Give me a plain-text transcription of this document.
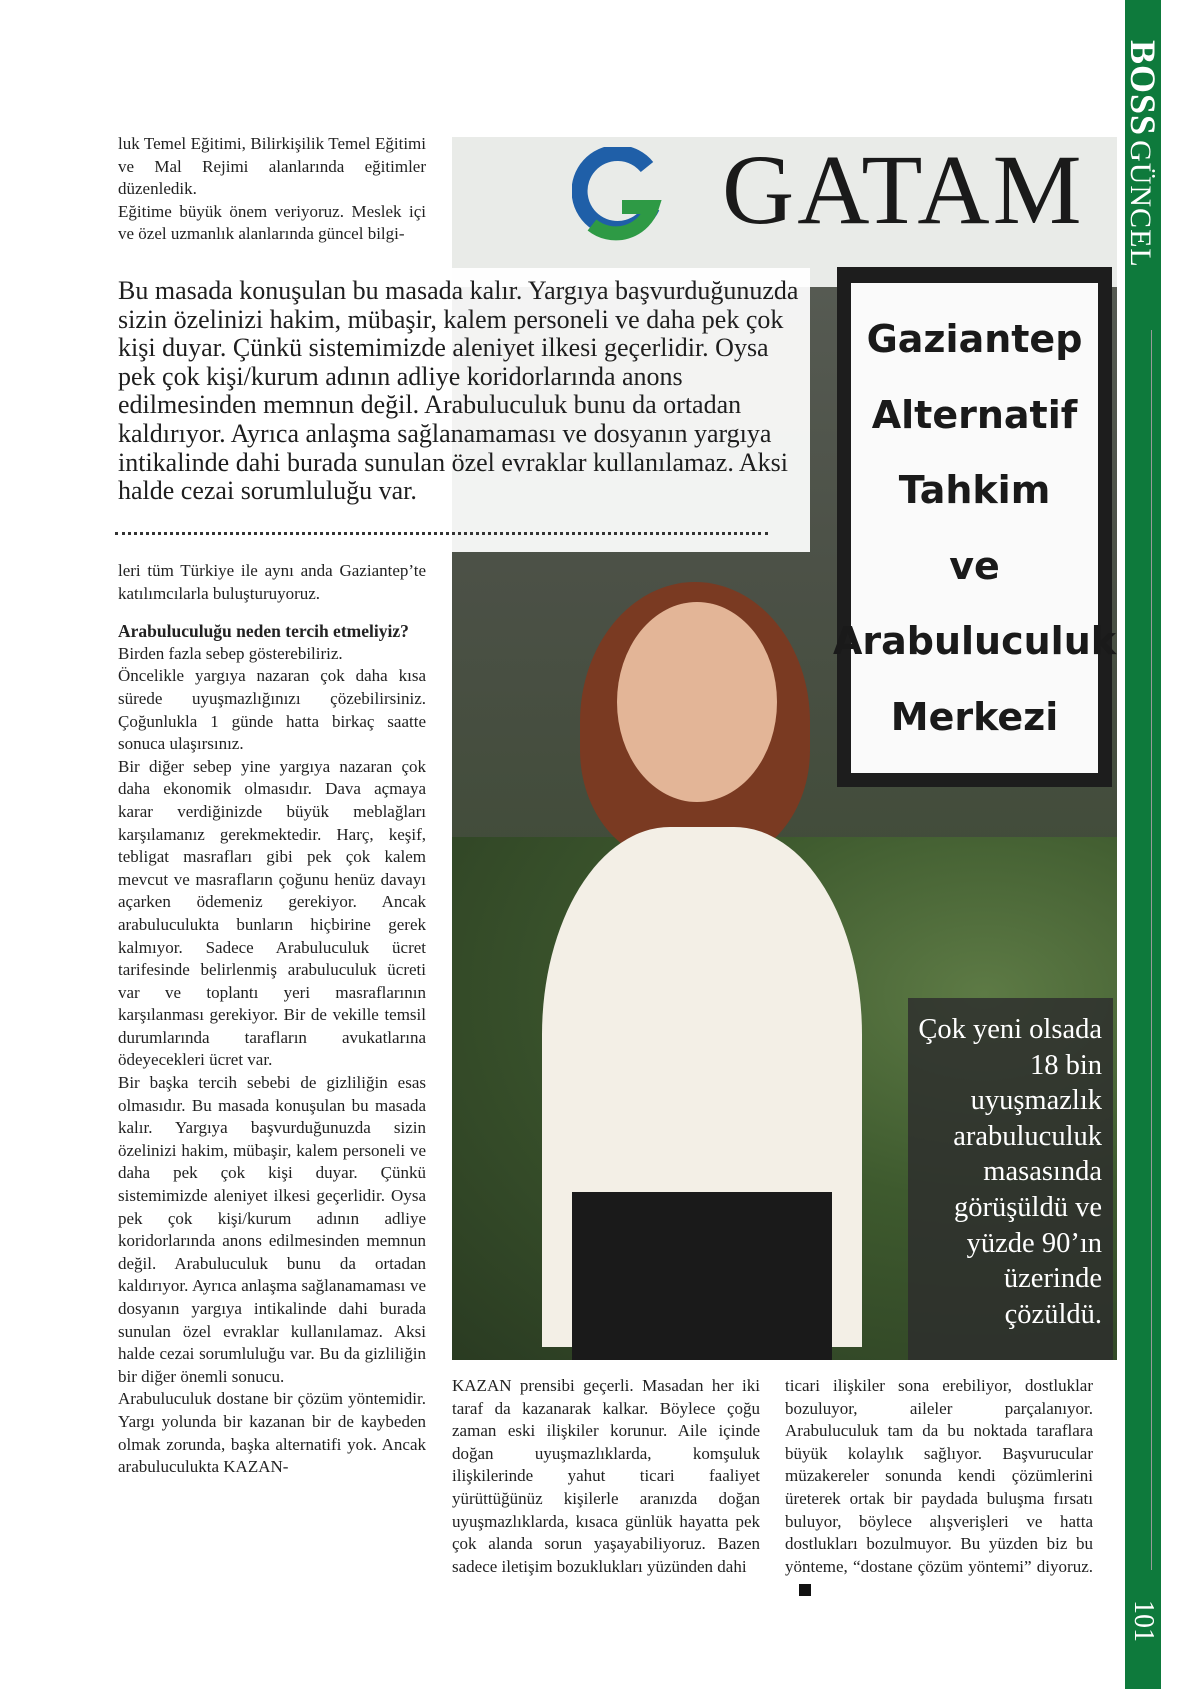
BOSS GÜNCEL
101
GATAM
Gaziantep
Alternatif
Tahkim
ve
Arabuluculuk
Merkezi

luk Temel Eğitimi, Bilirkişilik Temel Eğitimi ve Mal Rejimi alanlarında eğitimler düzenledik.

Eğitime büyük önem veriyoruz. Meslek içi ve özel uzmanlık alanlarında güncel bilgi-

Bu masada konuşulan bu masada kalır. Yargıya başvurduğunuzda sizin özelinizi hakim, mübaşir, kalem personeli ve daha pek çok kişi duyar. Çünkü sistemimizde aleniyet ilkesi geçerlidir. Oysa pek çok kişi/kurum adının adliye koridorlarında anons edilmesinden memnun değil. Arabuluculuk bunu da ortadan kaldırıyor. Ayrıca anlaşma sağlanamaması ve dosyanın yargıya intikalinde dahi burada sunulan özel evraklar kullanılamaz. Aksi halde cezai sorumluluğu var.

leri tüm Türkiye ile aynı anda Gaziantep’te katılımcılarla buluşturuyoruz.

Arabuluculuğu neden tercih etmeliyiz?

Birden fazla sebep gösterebiliriz.

Öncelikle yargıya nazaran çok daha kısa sürede uyuşmazlığınızı çözebilirsiniz. Çoğunlukla 1 günde hatta birkaç saatte sonuca ulaşırsınız.

Bir diğer sebep yine yargıya nazaran çok daha ekonomik olmasıdır. Dava açmaya karar verdiğinizde büyük meblağları karşılamanız gerekmektedir. Harç, keşif, tebligat masrafları gibi pek çok kalem mevcut ve masrafların çoğunu henüz davayı açarken ödemeniz gerekiyor. Ancak arabuluculukta bunların hiçbirine gerek kalmıyor. Sadece Arabuluculuk ücret tarifesinde belirlenmiş arabuluculuk ücreti var ve toplantı yeri masraflarının karşılanması gerekiyor. Bir de vekille temsil durumlarında tarafların avukatlarına ödeyecekleri ücret var.

Bir başka tercih sebebi de gizliliğin esas olmasıdır. Bu masada konuşulan bu masada kalır. Yargıya başvurduğunuzda sizin özelinizi hakim, mübaşir, kalem personeli ve daha pek çok kişi duyar. Çünkü sistemimizde aleniyet ilkesi geçerlidir. Oysa pek çok kişi/kurum adının adliye koridorlarında anons edilmesinden memnun değil. Arabuluculuk bunu da ortadan kaldırıyor. Ayrıca anlaşma sağlanamaması ve dosyanın yargıya intikalinde dahi burada sunulan özel evraklar kullanılamaz. Aksi halde cezai sorumluluğu var. Bu da gizliliğin bir diğer önemli sonucu.

Arabuluculuk dostane bir çözüm yöntemidir. Yargı yolunda bir kazanan bir de kaybeden olmak zorunda, başka alternatifi yok. Ancak arabuluculukta KAZAN-

Çok yeni olsada 18 bin uyuşmazlık arabuluculuk masasında görüşüldü ve yüzde 90’ın üzerinde çözüldü.

KAZAN prensibi geçerli. Masadan her iki taraf da kazanarak kalkar. Böylece çoğu zaman eski ilişkiler korunur. Aile içinde doğan uyuşmazlıklarda, komşuluk ilişkilerinde yahut ticari faaliyet yürüttüğünüz kişilerle aranızda doğan uyuşmazlıklarda, kısaca günlük hayatta pek çok alanda sorun yaşayabiliyoruz. Bazen sadece iletişim bozuklukları yüzünden dahi

ticari ilişkiler sona erebiliyor, dostluklar bozuluyor, aileler parçalanıyor. Arabuluculuk tam da bu noktada taraflara büyük kolaylık sağlıyor. Başvurucular müzakereler sonunda kendi çözümlerini üreterek ortak bir paydada buluşma fırsatı buluyor, böylece alışverişleri ve hatta dostlukları bozulmuyor. Bu yüzden biz bu yönteme, “dostane çözüm yöntemi” diyoruz.
